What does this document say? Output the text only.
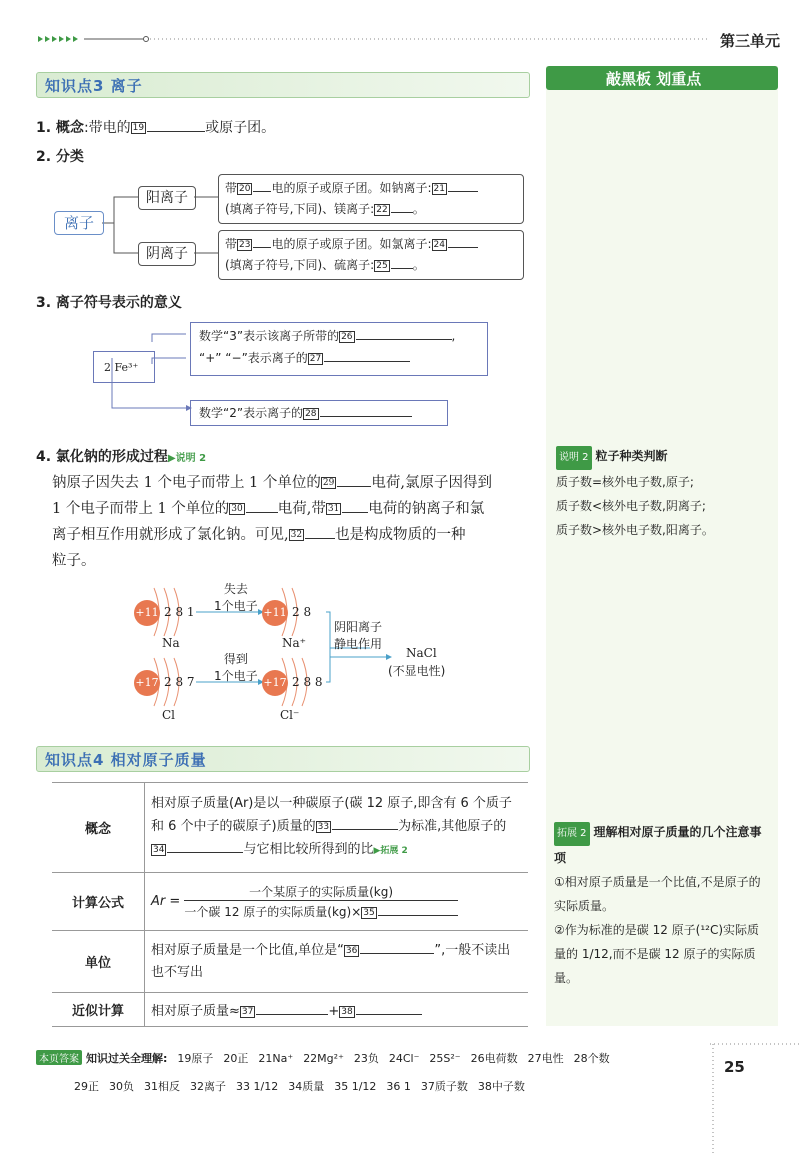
第三单元
敲黑板 划重点
知识点3 离子
1. 概念:带电的 19	或原子团。
2. 分类
离子
阳离子
阴离子
带 20 电的原子或原子团。如钠离子: 21
(填离子符号,下同)、镁离子: 22 。
带 23 电的原子或原子团。如氯离子: 24
(填离子符号,下同)、硫离子: 25 。
3. 离子符号表示的意义
2 Fe³⁺
数学“3”表示该离子所带的 26	,
“+” “−”表示离子的 27
数学“2”表示离子的 28
4. 氯化钠的形成过程▶说明 2
钠原子因失去 1 个电子而带上 1 个单位的 29	电荷,氯原子因得到
1 个电子而带上 1 个单位的 30 电荷,带 31 电荷的钠离子和氯
离子相互作用就形成了氯化钠。可见, 32 也是构成物质的一种
粒子。
+11 2 8 1
Na
失去
1个电子 +11 2 8
Na⁺
+17 2 8 7
Cl
得到
1个电子 +17 2 8 8
Cl⁻
阴阳离子
静电作用
NaCl
(不显电性)
说明 2 粒子种类判断
质子数=核外电子数,原子;
质子数<核外电子数,阴离子;
质子数>核外电子数,阳离子。
知识点4 相对原子质量
概念	相对原子质量(Ar)是以一种碳原子(碳 12 原子,即含有 6 个质子和 6 个中子的碳原子)质量的 33 为标准,其他原子的34 与它相比较所得到的比▶拓展 2
计算公式	Ar =
一个某原子的实际质量(kg)
一个碳 12 原子的实际质量(kg)× 35

单位	相对原子质量是一个比值,单位是“ 36 ”,一般不读出也不写出
近似计算	相对原子质量≈ 37 + 38
拓展 2 理解相对原子质量的几个注意事项
①相对原子质量是一个比值,不是原子的实际质量。
②作为标准的是碳 12 原子(¹²C)实际质量的 1/12,而不是碳 12 原子的实际质量。
本页答案 知识过关全理解: 19原子 20正 21Na⁺ 22Mg²⁺ 23负 24Cl⁻ 25S²⁻ 26电荷数 27电性 28个数
29正 30负 31相反 32离子 33 1/12 34质量 35 1/12 36 1 37质子数 38中子数
25
